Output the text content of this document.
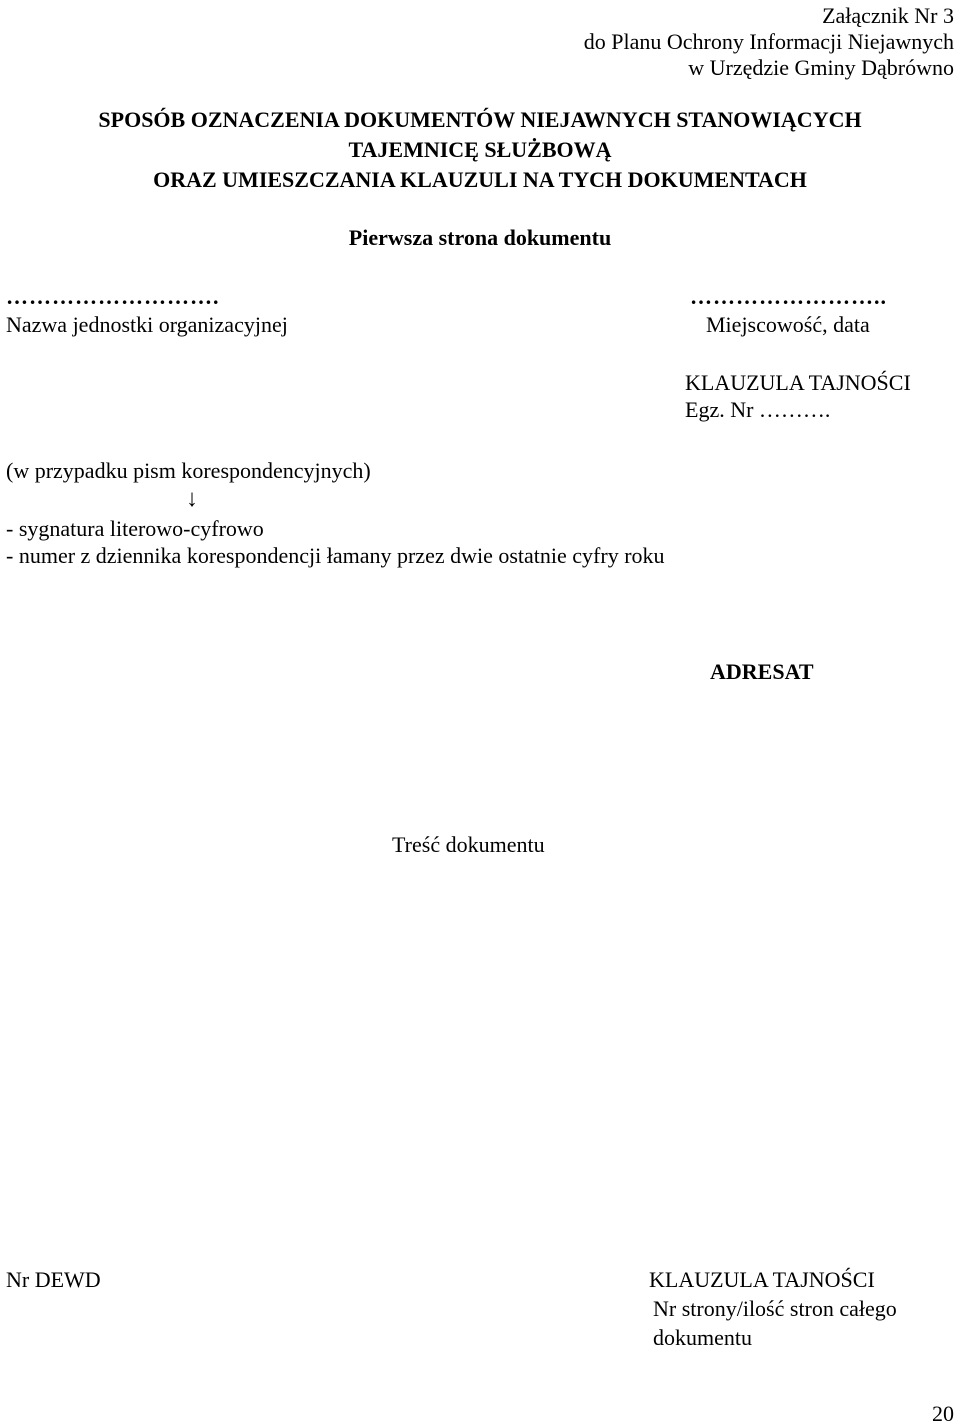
Załącznik Nr 3
do Planu Ochrony Informacji Niejawnych
w Urzędzie Gminy Dąbrówno
SPOSÓB OZNACZENIA DOKUMENTÓW NIEJAWNYCH STANOWIĄCYCH
TAJEMNICĘ SŁUŻBOWĄ
ORAZ UMIESZCZANIA KLAUZULI NA TYCH DOKUMENTACH
Pierwsza strona dokumentu
……………………….
Nazwa jednostki organizacyjnej
……………………..
Miejscowość, data
KLAUZULA TAJNOŚCI
Egz. Nr ……….
(w przypadku pism korespondencyjnych)
↓
- sygnatura literowo-cyfrowo
- numer z dziennika korespondencji łamany przez dwie ostatnie cyfry roku
ADRESAT
Treść dokumentu
Nr DEWD	KLAUZULA TAJNOŚCI
Nr strony/ilość stron całego
dokumentu
20
